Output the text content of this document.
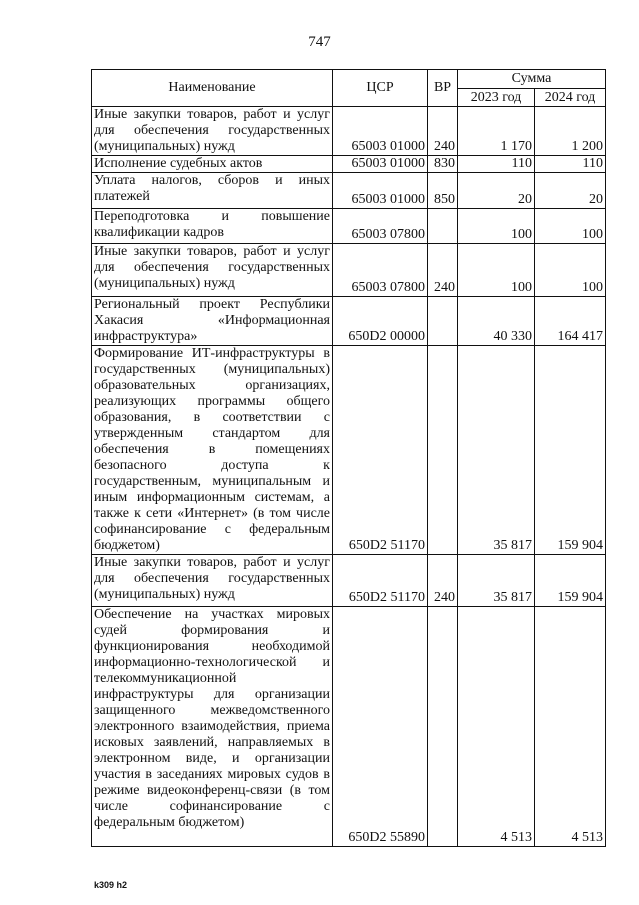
747
Наименование	ЦСР	ВР	Сумма	
			2023 год	2024 год
Иные закупки товаров, работ и услуг для обеспечения государственных (муниципальных) нужд	65003 01000	240	1 170	1 200
Исполнение судебных актов	65003 01000	830	110	110
Уплата налогов, сборов и иных платежей	65003 01000	850	20	20
Переподготовка и повышение квалификации кадров	65003 07800		100	100
Иные закупки товаров, работ и услуг для обеспечения государственных (муниципальных) нужд	65003 07800	240	100	100
Региональный проект Республики Хакасия «Информационная инфраструктура»	650D2 00000		40 330	164 417
Формирование ИТ-инфраструктуры в государственных (муниципальных) образовательных организациях, реализующих программы общего образования, в соответствии с утвержденным стандартом для обеспечения в помещениях безопасного доступа к государственным, муниципальным и иным информационным системам, а также к сети «Интернет» (в том числе софинансирование с федеральным бюджетом)	650D2 51170		35 817	159 904
Иные закупки товаров, работ и услуг для обеспечения государственных (муниципальных) нужд	650D2 51170	240	35 817	159 904
Обеспечение на участках мировых судей формирования и функционирования необходимой информационно-технологической и телекоммуникационной инфраструктуры для организации защищенного межведомственного электронного взаимодействия, приема исковых заявлений, направляемых в электронном виде, и организации участия в заседаниях мировых судов в режиме видеоконференц-связи (в том числе софинансирование с федеральным бюджетом)	650D2 55890		4 513	4 513
k309 h2
